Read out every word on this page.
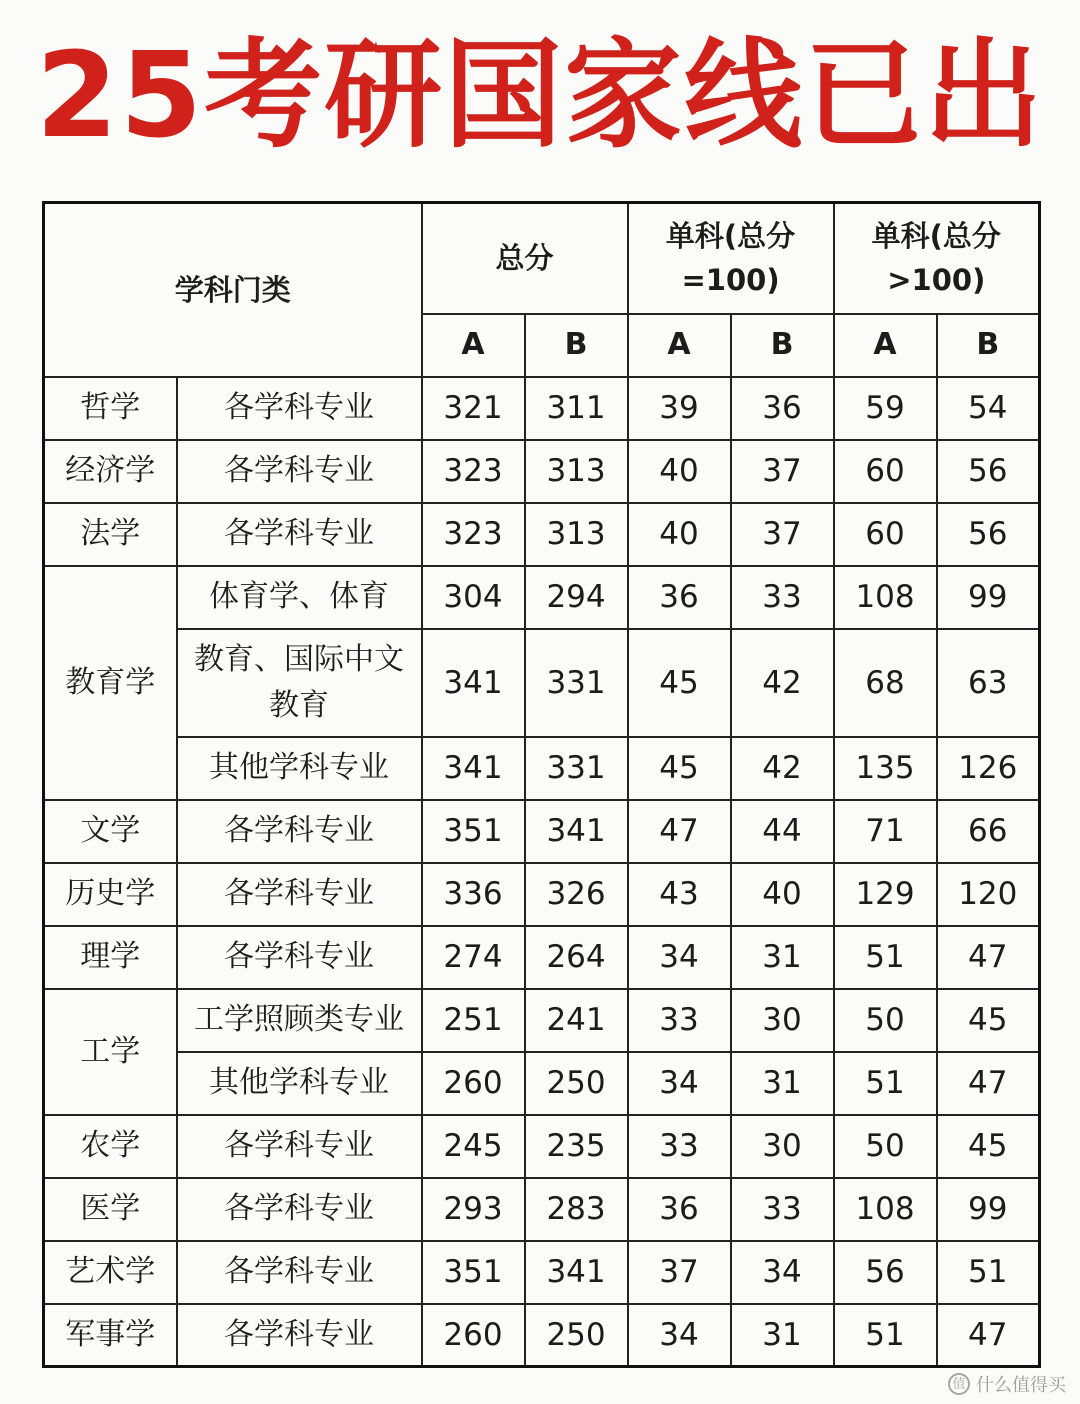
25考研国家线已出
学科门类		总分		单科(总分=100)		单科(总分>100)	
		A	B	A	B	A	B
哲学	各学科专业	321	311	39	36	59	54
经济学	各学科专业	323	313	40	37	60	56
法学	各学科专业	323	313	40	37	60	56
教育学	体育学、体育	304	294	36	33	108	99

	教育、国际中文教育	341	331	45	42	68	63
	其他学科专业	341	331	45	42	135	126
文学	各学科专业	351	341	47	44	71	66
历史学	各学科专业	336	326	43	40	129	120
理学	各学科专业	274	264	34	31	51	47
工学	工学照顾类专业	251	241	33	30	50	45
	其他学科专业	260	250	34	31	51	47
农学	各学科专业	245	235	33	30	50	45
医学	各学科专业	293	283	36	33	108	99
艺术学	各学科专业	351	341	37	34	56	51
军事学	各学科专业	260	250	34	31	51	47
值 什么值得买
